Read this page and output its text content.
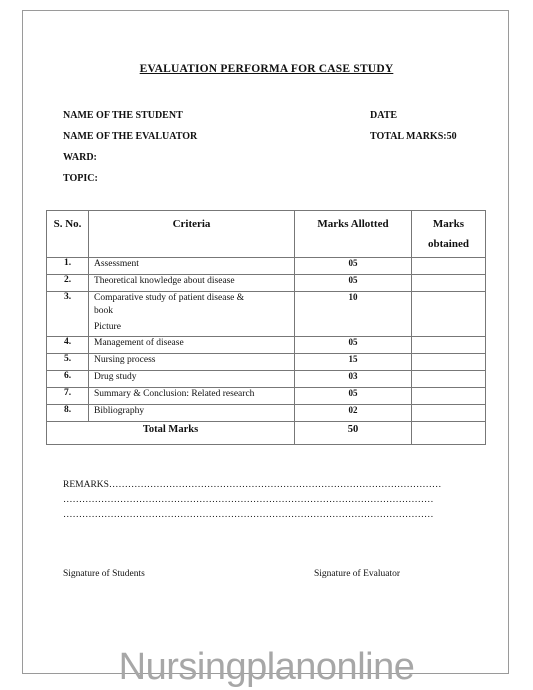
EVALUATION PERFORMA FOR CASE STUDY
NAME OF THE STUDENT	DATE
NAME OF THE EVALUATOR	TOTAL MARKS:50
WARD:
TOPIC:
S. No.	Criteria	Marks Allotted	Marks
obtained

1.	Assessment	05	
2.	Theoretical knowledge about disease	05	
3.	Comparative study of patient disease &
book
Picture	10	
4.	Management of disease	05	
5.	Nursing process	15	
6.	Drug study	03	
7.	Summary & Conclusion: Related research	05	
8.	Bibliography	02	
Total Marks		50	
REMARKS……………………………………………………………………………………………
………………………………………………………………………………………………………
………………………………………………………………………………………………………
Signature of Students	Signature of Evaluator
Nursingplanonline
